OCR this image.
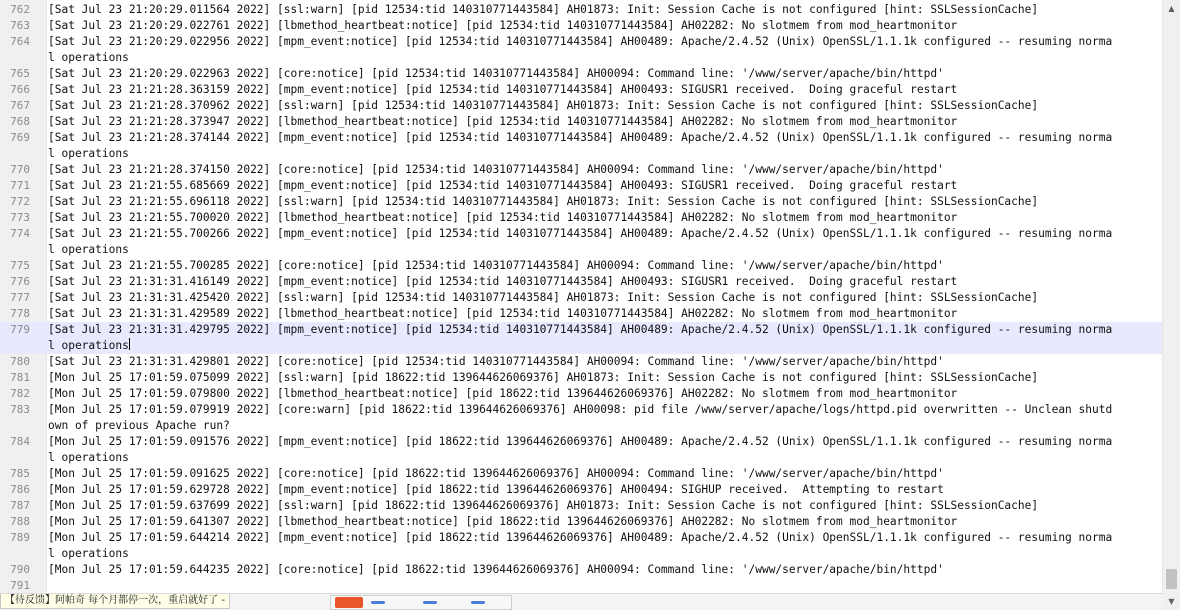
762 [Sat Jul 23 21:20:29.011564 2022] [ssl:warn] [pid 12534:tid 140310771443584] AH01873: Init: Session Cache is not configured [hint: SSLSessionCache]
763 [Sat Jul 23 21:20:29.022761 2022] [lbmethod_heartbeat:notice] [pid 12534:tid 140310771443584] AH02282: No slotmem from mod_heartmonitor
764 [Sat Jul 23 21:20:29.022956 2022] [mpm_event:notice] [pid 12534:tid 140310771443584] AH00489: Apache/2.4.52 (Unix) OpenSSL/1.1.1k configured -- resuming normal operations
765 [Sat Jul 23 21:20:29.022963 2022] [core:notice] [pid 12534:tid 140310771443584] AH00094: Command line: '/www/server/apache/bin/httpd'
766 [Sat Jul 23 21:21:28.363159 2022] [mpm_event:notice] [pid 12534:tid 140310771443584] AH00493: SIGUSR1 received.  Doing graceful restart
767 [Sat Jul 23 21:21:28.370962 2022] [ssl:warn] [pid 12534:tid 140310771443584] AH01873: Init: Session Cache is not configured [hint: SSLSessionCache]
768 [Sat Jul 23 21:21:28.373947 2022] [lbmethod_heartbeat:notice] [pid 12534:tid 140310771443584] AH02282: No slotmem from mod_heartmonitor
769 [Sat Jul 23 21:21:28.374144 2022] [mpm_event:notice] [pid 12534:tid 140310771443584] AH00489: Apache/2.4.52 (Unix) OpenSSL/1.1.1k configured -- resuming normal operations
770 [Sat Jul 23 21:21:28.374150 2022] [core:notice] [pid 12534:tid 140310771443584] AH00094: Command line: '/www/server/apache/bin/httpd'
771 [Sat Jul 23 21:21:55.685669 2022] [mpm_event:notice] [pid 12534:tid 140310771443584] AH00493: SIGUSR1 received.  Doing graceful restart
772 [Sat Jul 23 21:21:55.696118 2022] [ssl:warn] [pid 12534:tid 140310771443584] AH01873: Init: Session Cache is not configured [hint: SSLSessionCache]
773 [Sat Jul 23 21:21:55.700020 2022] [lbmethod_heartbeat:notice] [pid 12534:tid 140310771443584] AH02282: No slotmem from mod_heartmonitor
774 [Sat Jul 23 21:21:55.700266 2022] [mpm_event:notice] [pid 12534:tid 140310771443584] AH00489: Apache/2.4.52 (Unix) OpenSSL/1.1.1k configured -- resuming normal operations
775 [Sat Jul 23 21:21:55.700285 2022] [core:notice] [pid 12534:tid 140310771443584] AH00094: Command line: '/www/server/apache/bin/httpd'
776 [Sat Jul 23 21:31:31.416149 2022] [mpm_event:notice] [pid 12534:tid 140310771443584] AH00493: SIGUSR1 received.  Doing graceful restart
777 [Sat Jul 23 21:31:31.425420 2022] [ssl:warn] [pid 12534:tid 140310771443584] AH01873: Init: Session Cache is not configured [hint: SSLSessionCache]
778 [Sat Jul 23 21:31:31.429589 2022] [lbmethod_heartbeat:notice] [pid 12534:tid 140310771443584] AH02282: No slotmem from mod_heartmonitor
779 [Sat Jul 23 21:31:31.429795 2022] [mpm_event:notice] [pid 12534:tid 140310771443584] AH00489: Apache/2.4.52 (Unix) OpenSSL/1.1.1k configured -- resuming normal operations
780 [Sat Jul 23 21:31:31.429801 2022] [core:notice] [pid 12534:tid 140310771443584] AH00094: Command line: '/www/server/apache/bin/httpd'
781 [Mon Jul 25 17:01:59.075099 2022] [ssl:warn] [pid 18622:tid 139644626069376] AH01873: Init: Session Cache is not configured [hint: SSLSessionCache]
782 [Mon Jul 25 17:01:59.079800 2022] [lbmethod_heartbeat:notice] [pid 18622:tid 139644626069376] AH02282: No slotmem from mod_heartmonitor
783 [Mon Jul 25 17:01:59.079919 2022] [core:warn] [pid 18622:tid 139644626069376] AH00098: pid file /www/server/apache/logs/httpd.pid overwritten -- Unclean shutdown of previous Apache run?
784 [Mon Jul 25 17:01:59.091576 2022] [mpm_event:notice] [pid 18622:tid 139644626069376] AH00489: Apache/2.4.52 (Unix) OpenSSL/1.1.1k configured -- resuming normal operations
785 [Mon Jul 25 17:01:59.091625 2022] [core:notice] [pid 18622:tid 139644626069376] AH00094: Command line: '/www/server/apache/bin/httpd'
786 [Mon Jul 25 17:01:59.629728 2022] [mpm_event:notice] [pid 18622:tid 139644626069376] AH00494: SIGHUP received.  Attempting to restart
787 [Mon Jul 25 17:01:59.637699 2022] [ssl:warn] [pid 18622:tid 139644626069376] AH01873: Init: Session Cache is not configured [hint: SSLSessionCache]
788 [Mon Jul 25 17:01:59.641307 2022] [lbmethod_heartbeat:notice] [pid 18622:tid 139644626069376] AH02282: No slotmem from mod_heartmonitor
789 [Mon Jul 25 17:01:59.644214 2022] [mpm_event:notice] [pid 18622:tid 139644626069376] AH00489: Apache/2.4.52 (Unix) OpenSSL/1.1.1k configured -- resuming normal operations
790 [Mon Jul 25 17:01:59.644235 2022] [core:notice] [pid 18622:tid 139644626069376] AH00094: Command line: '/www/server/apache/bin/httpd'
791
▲
▼
【待反馈】阿帕奇 每个月都停一次，重启就好了 -
